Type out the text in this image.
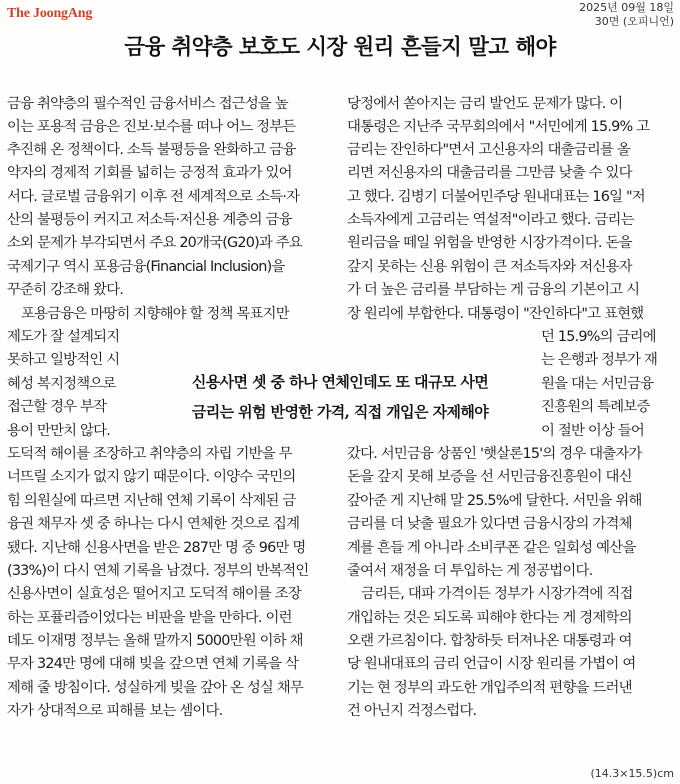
The JoongAng	2025년 09월 18일
30면 (오피니언)
금융 취약층 보호도 시장 원리 흔들지 말고 해야
금융 취약층의 필수적인 금융서비스 접근성을 높
이는 포용적 금융은 진보·보수를 떠나 어느 정부든
추진해 온 정책이다. 소득 불평등을 완화하고 금융
약자의 경제적 기회를 넓히는 긍정적 효과가 있어
서다. 글로벌 금융위기 이후 전 세계적으로 소득·자
산의 불평등이 커지고 저소득·저신용 계층의 금융
소외 문제가 부각되면서 주요 20개국(G20)과 주요
국제기구 역시 포용금융(Financial Inclusion)을
꾸준히 강조해 왔다.
포용금융은 마땅히 지향해야 할 정책 목표지만
제도가 잘 설계되지
못하고 일방적인 시
혜성 복지정책으로
접근할 경우 부작
용이 만만치 않다.
도덕적 해이를 조장하고 취약층의 자립 기반을 무
너뜨릴 소지가 없지 않기 때문이다. 이양수 국민의
힘 의원실에 따르면 지난해 연체 기록이 삭제된 금
융권 채무자 셋 중 하나는 다시 연체한 것으로 집계
됐다. 지난해 신용사면을 받은 287만 명 중 96만 명
(33%)이 다시 연체 기록을 남겼다. 정부의 반복적인
신용사면이 실효성은 떨어지고 도덕적 해이를 조장
하는 포퓰리즘이었다는 비판을 받을 만하다. 이런
데도 이재명 정부는 올해 말까지 5000만원 이하 채
무자 324만 명에 대해 빚을 갚으면 연체 기록을 삭
제해 줄 방침이다. 성실하게 빚을 갚아 온 성실 채무
자가 상대적으로 피해를 보는 셈이다.
당정에서 쏟아지는 금리 발언도 문제가 많다. 이
대통령은 지난주 국무회의에서 "서민에게 15.9% 고
금리는 잔인하다"면서 고신용자의 대출금리를 올
리면 저신용자의 대출금리를 그만큼 낮출 수 있다
고 했다. 김병기 더불어민주당 원내대표는 16일 "저
소득자에게 고금리는 역설적"이라고 했다. 금리는
원리금을 떼일 위험을 반영한 시장가격이다. 돈을
갚지 못하는 신용 위험이 큰 저소득자와 저신용자
가 더 높은 금리를 부담하는 게 금융의 기본이고 시
장 원리에 부합한다. 대통령이 "잔인하다"고 표현했
던 15.9%의 금리에
는 은행과 정부가 재
원을 대는 서민금융
진흥원의 특례보증
이 절반 이상 들어
갔다. 서민금융 상품인 '햇살론15'의 경우 대출자가
돈을 갚지 못해 보증을 선 서민금융진흥원이 대신
갚아준 게 지난해 말 25.5%에 달한다. 서민을 위해
금리를 더 낮출 필요가 있다면 금융시장의 가격체
계를 흔들 게 아니라 소비쿠폰 같은 일회성 예산을
줄여서 재정을 더 투입하는 게 정공법이다.
금리든, 대파 가격이든 정부가 시장가격에 직접
개입하는 것은 되도록 피해야 한다는 게 경제학의
오랜 가르침이다. 합창하듯 터져나온 대통령과 여
당 원내대표의 금리 언급이 시장 원리를 가볍이 여
기는 현 정부의 과도한 개입주의적 편향을 드러낸
건 아닌지 걱정스럽다.
신용사면 셋 중 하나 연체인데도 또 대규모 사면
금리는 위험 반영한 가격, 직접 개입은 자제해야
(14.3×15.5)cm
